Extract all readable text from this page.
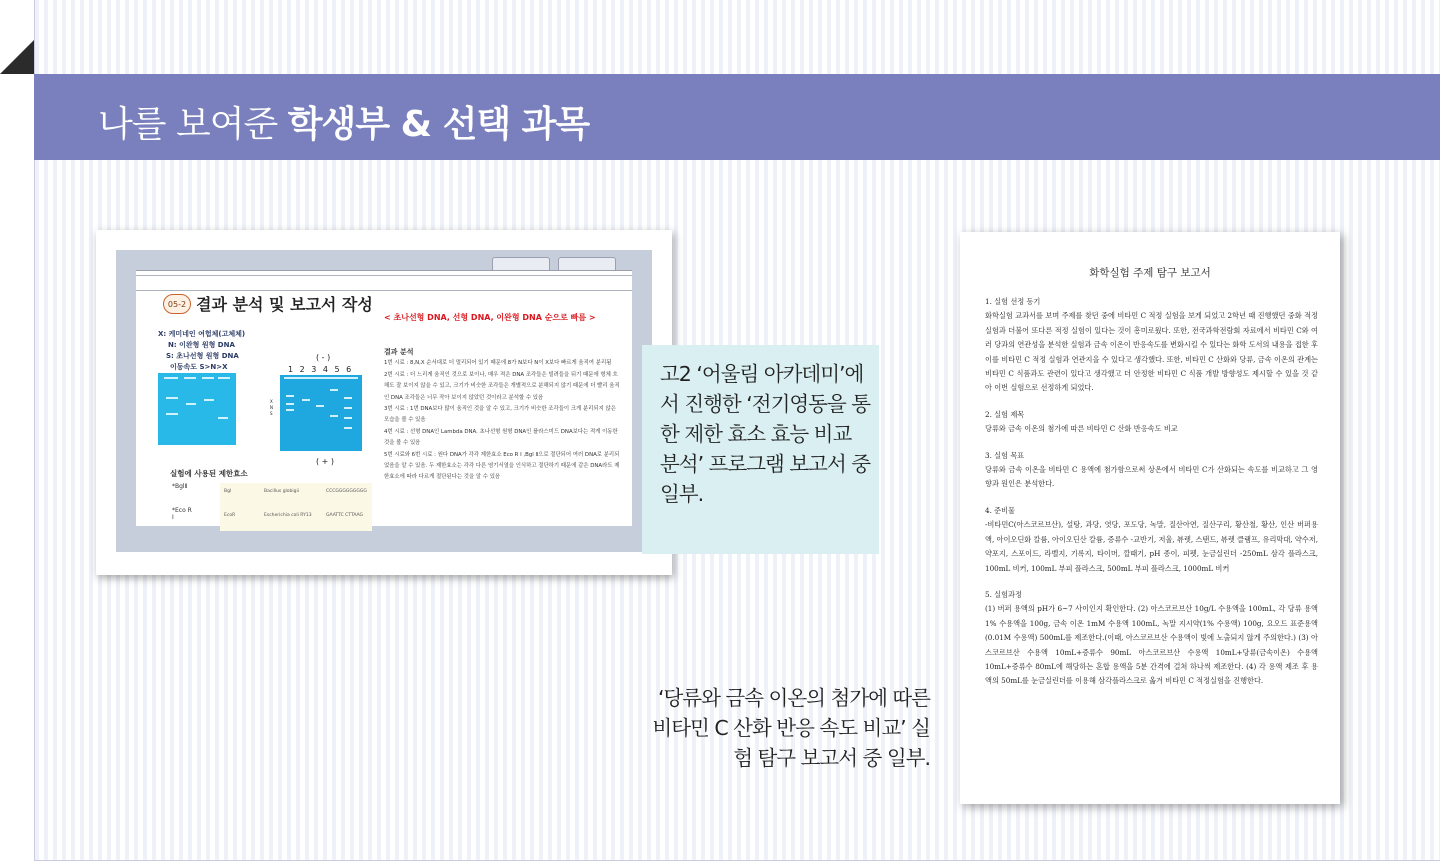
나를 보여준 학생부 & 선택 과목
05-2 결과 분석 및 보고서 작성
< 초나선형 DNA, 선형 DNA, 이완형 DNA 순으로 빠름 >
X: 케미네인 여험체(고체체)
N: 이완형 원형 DNA
S: 초나선형 원형 DNA
이동속도 S>N>X
( - )
1 2 3 4 5 6
X
N
S
( + )
결과 분석
1번 시료 : 8,N,X 순서대로 더 멀리되어 있기 때문에 8가 N보다 N이 X보다 빠르게 움직여 분리됨
2번 시료 : 더 느리게 움직인 것으로 보이나, 매우 적은 DNA 조각들은 빌려들을 뒤기 때문에 형체 흐해도 잘 보이지 않을 수 있고, 크기가 비슷한 조각들은 개별적으로 분해되지 않기 때문에 더 빨리 움직인 DNA 조각들은 너무 작아 보이지 않았던 것이라고 분석할 수 있음
3번 시료 : 1번 DNA보다 많이 움직인 것을 알 수 있고, 크기가 비슷한 조각들이 크게 분리되지 않은 모습을 볼 수 있음
4번 시료 : 선형 DNA인 Lambda DNA. 초나선형 원형 DNA인 플라스미드 DNA보다는 적게 이동한 것을 볼 수 있음
5번 시료와 6번 시료 : 원다 DNA가 각각 제한효소 Eco R I ,Bgl Ⅱ으로 절단되어 여러 DNA로 분리되었음을 알 수 있음. 두 제한효소는 각각 다른 염기서열을 인식하고 절단하기 때문에 같은 DNA라도 제한효소에 따라 다르게 절단된다는 것을 알 수 있음
실험에 사용된 제한효소
*BglⅡ
*Eco R I
Bgl	Bacillus globigii	CCCGGGGGGGGG
EcoR	Escherichia coli RY13	GAATTC CTTAAG
고2 ‘어울림 아카데미’에서 진행한 ‘전기영동을 통한 제한 효소 효능 비교 분석’ 프로그램 보고서 중 일부.
‘당류와 금속 이온의 첨가에 따른 비타민 C 산화 반응 속도 비교’ 실험 탐구 보고서 중 일부.
화학실험 주제 탐구 보고서

1. 실험 선정 동기

화학실험 교과서를 보며 주제를 찾던 중에 비타민 C 적정 실험을 보게 되었고 2학년 때 진행했던 중화 적정 실험과 더불어 또다른 적정 실험이 있다는 것이 흥미로웠다. 또한, 전국과학전람회 자료에서 비타민 C와 여러 당과의 연관성을 분석한 실험과 금속 이온이 반응속도를 변화시킬 수 있다는 화학 도서의 내용을 접한 후 이를 비타민 C 적정 실험과 연관지을 수 있다고 생각했다. 또한, 비타민 C 산화와 당류, 금속 이온의 관계는 비타민 C 식품과도 관련이 있다고 생각했고 더 안정한 비타민 C 식품 개발 방향성도 제시할 수 있을 것 같아 이번 실험으로 선정하게 되었다.

2. 실험 제목

당류와 금속 이온의 첨가에 따른 비타민 C 산화 반응속도 비교

3. 실험 목표

당류와 금속 이온을 비타민 C 용액에 첨가함으로써 상온에서 비타민 C가 산화되는 속도를 비교하고 그 영향과 원인은 분석한다.

4. 준비물

-비타민C(아스코르브산), 설탕, 과당, 엿당, 포도당, 녹말, 질산아연, 질산구리, 황산철, 황산, 인산 버퍼용액, 아이오딘화 칼륨, 아이오딘산 칼륨, 증류수 -교반기, 저울, 뷰렛, 스탠드, 뷰렛 클램프, 유리막대, 약수저, 약포지, 스포이드, 라벨지, 기록지, 타이머, 깔때기, pH 종이, 피펫, 눈금실린더 -250mL 삼각 플라스크, 100mL 비커, 100mL 부피 플라스크, 500mL 부피 플라스크, 1000mL 비커

5. 실험과정

(1) 버퍼 용액의 pH가 6~7 사이인지 확인한다. (2) 아스코르브산 10g/L 수용액을 100mL, 각 당류 용액 1% 수용액을 100g, 금속 이온 1mM 수용액 100mL, 녹말 지시약(1% 수용액) 100g, 요오드 표준용액(0.01M 수용액) 500mL를 제조한다.(이때, 아스코르브산 수용액이 빛에 노출되지 않게 주의한다.) (3) 아스코르브산 수용액 10mL+증류수 90mL 아스코르브산 수용액 10mL+당류(금속이온) 수용액 10mL+증류수 80mL에 해당하는 혼합 용액을 5분 간격에 걸쳐 하나씩 제조한다. (4) 각 용액 제조 후 용액의 50mL를 눈금실린더를 이용해 삼각플라스크로 옮겨 비타민 C 적정실험을 진행한다.
